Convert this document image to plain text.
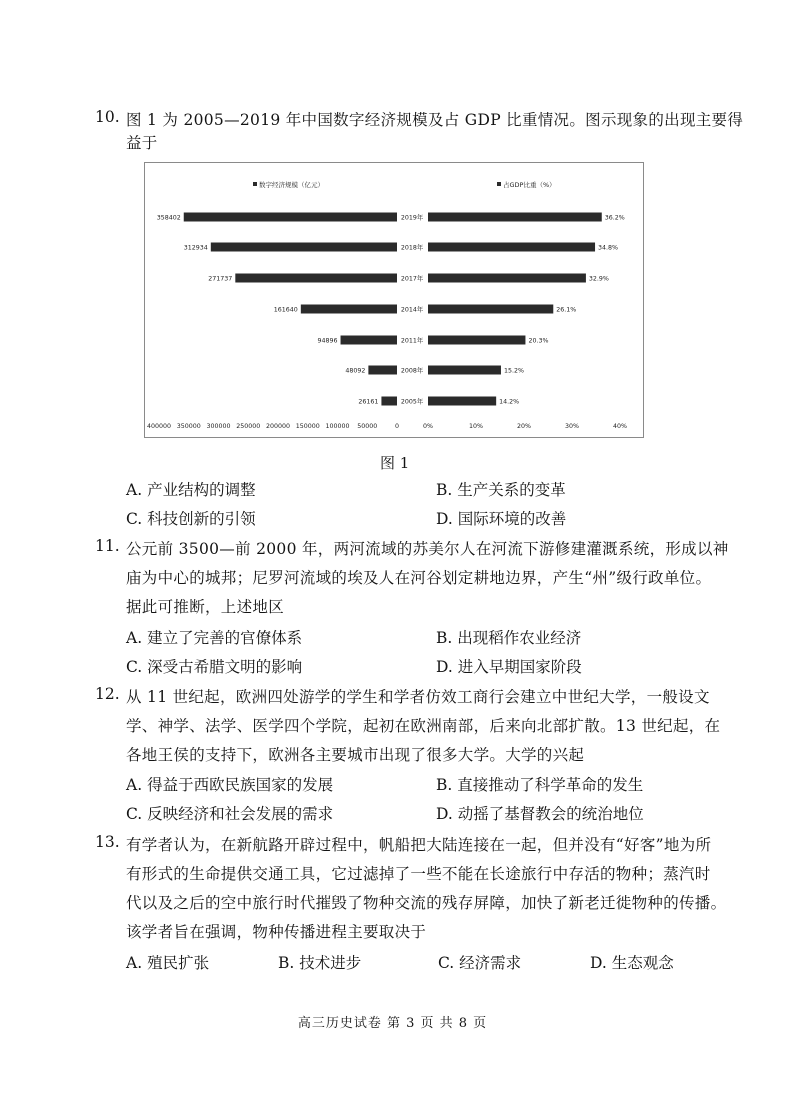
10. 图 1 为 2005—2019 年中国数字经济规模及占 GDP 比重情况。图示现象的出现主要得
益于
数字经济规模（亿元）	占GDP比重（%）
358402	2019年
312934	2018年
271737	2017年
161640	2014年
94896	2011年
48092	2008年
26161	2005年
36.2%
34.8%
32.9%
26.1%
20.3%
15.2%
14.2%
400000 350000 300000 250000 200000 150000 100000 50000	0	0%	10%	20%	30%	40%
图 1
A. 产业结构的调整	B. 生产关系的变革
C. 科技创新的引领	D. 国际环境的改善
11. 公元前 3500—前 2000 年，两河流域的苏美尔人在河流下游修建灌溉系统，形成以神
庙为中心的城邦；尼罗河流域的埃及人在河谷划定耕地边界，产生“州”级行政单位。
据此可推断，上述地区
A. 建立了完善的官僚体系	B. 出现稻作农业经济
C. 深受古希腊文明的影响	D. 进入早期国家阶段
12. 从 11 世纪起，欧洲四处游学的学生和学者仿效工商行会建立中世纪大学，一般设文
学、神学、法学、医学四个学院，起初在欧洲南部，后来向北部扩散。13 世纪起，在
各地王侯的支持下，欧洲各主要城市出现了很多大学。大学的兴起
A. 得益于西欧民族国家的发展	B. 直接推动了科学革命的发生
C. 反映经济和社会发展的需求	D. 动摇了基督教会的统治地位
13. 有学者认为，在新航路开辟过程中，帆船把大陆连接在一起，但并没有“好客”地为所
有形式的生命提供交通工具，它过滤掉了一些不能在长途旅行中存活的物种；蒸汽时
代以及之后的空中旅行时代摧毁了物种交流的残存屏障，加快了新老迁徙物种的传播。
该学者旨在强调，物种传播进程主要取决于
A. 殖民扩张	B. 技术进步	C. 经济需求	D. 生态观念
高三历史试卷 第 3 页 共 8 页
